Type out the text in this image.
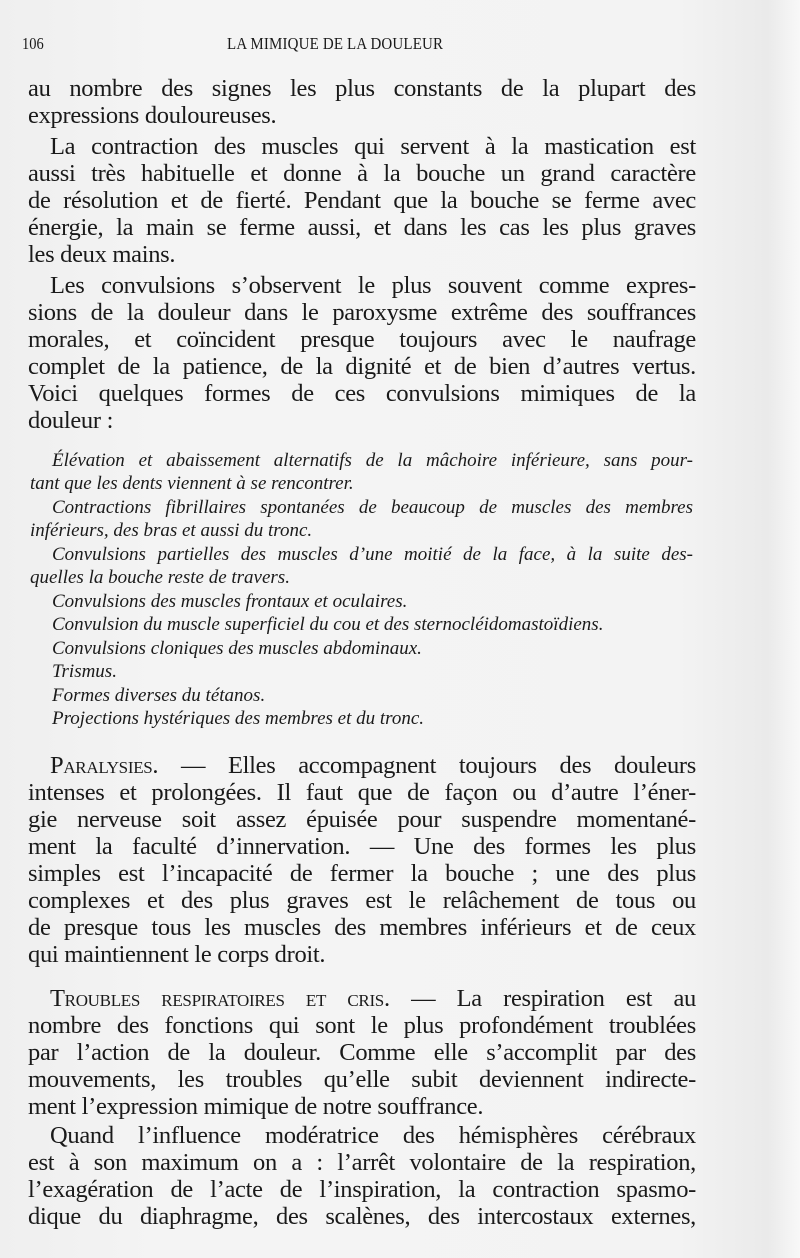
106	LA MIMIQUE DE LA DOULEUR
au nombre des signes les plus constants de la plupart des
expressions douloureuses.
La contraction des muscles qui servent à la mastication est
aussi très habituelle et donne à la bouche un grand caractère
de résolution et de fierté. Pendant que la bouche se ferme avec
énergie, la main se ferme aussi, et dans les cas les plus graves
les deux mains.
Les convulsions s’observent le plus souvent comme expres-
sions de la douleur dans le paroxysme extrême des souffrances
morales, et coïncident presque toujours avec le naufrage
complet de la patience, de la dignité et de bien d’autres vertus.
Voici quelques formes de ces convulsions mimiques de la
douleur :
Élévation et abaissement alternatifs de la mâchoire inférieure, sans pour-
tant que les dents viennent à se rencontrer.
Contractions fibrillaires spontanées de beaucoup de muscles des membres
inférieurs, des bras et aussi du tronc.
Convulsions partielles des muscles d’une moitié de la face, à la suite des-
quelles la bouche reste de travers.
Convulsions des muscles frontaux et oculaires.
Convulsion du muscle superficiel du cou et des sternocléidomastoïdiens.
Convulsions cloniques des muscles abdominaux.
Trismus.
Formes diverses du tétanos.
Projections hystériques des membres et du tronc.
Paralysies. — Elles accompagnent toujours des douleurs
intenses et prolongées. Il faut que de façon ou d’autre l’éner-
gie nerveuse soit assez épuisée pour suspendre momentané-
ment la faculté d’innervation. — Une des formes les plus
simples est l’incapacité de fermer la bouche ; une des plus
complexes et des plus graves est le relâchement de tous ou
de presque tous les muscles des membres inférieurs et de ceux
qui maintiennent le corps droit.
Troubles respiratoires et cris. — La respiration est au
nombre des fonctions qui sont le plus profondément troublées
par l’action de la douleur. Comme elle s’accomplit par des
mouvements, les troubles qu’elle subit deviennent indirecte-
ment l’expression mimique de notre souffrance.
Quand l’influence modératrice des hémisphères cérébraux
est à son maximum on a : l’arrêt volontaire de la respiration,
l’exagération de l’acte de l’inspiration, la contraction spasmo-
dique du diaphragme, des scalènes, des intercostaux externes,
